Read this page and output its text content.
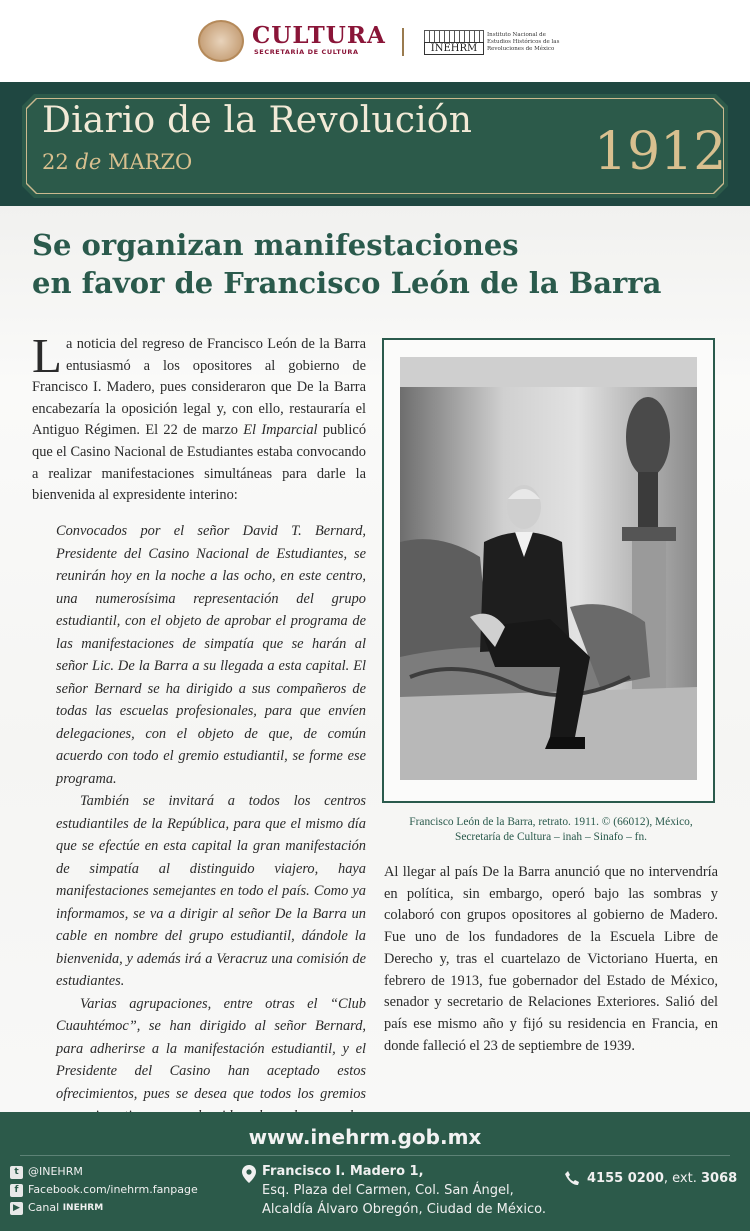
CULTURA
SECRETARÍA DE CULTURA	INEHRM
Instituto Nacional de
Estudios Históricos de las
Revoluciones de México
Diario de la Revolución
22 de MARZO	1912
Se organizan manifestaciones
en favor de Francisco León de la Barra
La noticia del regreso de Francisco León de la Barra entusiasmó a los opositores al gobierno de Francisco I. Madero, pues consideraron que De la Barra encabezaría la oposición legal y, con ello, restauraría el Antiguo Régimen. El 22 de marzo El Imparcial publicó que el Casino Nacional de Estudiantes estaba convocando a realizar manifestaciones simultáneas para darle la bienvenida al expresidente interino:

Convocados por el señor David T. Bernard, Presidente del Casino Nacional de Estudiantes, se reunirán hoy en la noche a las ocho, en este centro, una numerosísima representación del grupo estudiantil, con el objeto de aprobar el programa de las manifestaciones de simpatía que se harán al señor Lic. De la Barra a su llegada a esta capital. El señor Bernard se ha dirigido a sus compañeros de todas las escuelas profesionales, para que envíen delegaciones, con el objeto de que, de común acuerdo con todo el gremio estudiantil, se forme ese programa.

También se invitará a todos los centros estudiantiles de la República, para que el mismo día que se efectúe en esta capital la gran manifestación de simpatía al distinguido viajero, haya manifestaciones semejantes en todo el país. Como ya informamos, se va a dirigir al señor De la Barra un cable en nombre del grupo estudiantil, dándole la bienvenida, y además irá a Veracruz una comisión de estudiantes.

Varias agrupaciones, entre otras el “Club Cuauhtémoc”, se han dirigido al señor Bernard, para adherirse a la manifestación estudiantil, y el Presidente del Casino han aceptado estos ofrecimientos, pues se desea que todos los gremios

Francisco León de la Barra, retrato. 1911. © (66012), México,
Secretaría de Cultura – inah – Sinafo – fn.
Al llegar al país De la Barra anunció que no intervendría en política, sin embargo, operó bajo las sombras y colaboró con grupos opositores al gobierno de Madero. Fue uno de los fundadores de la Escuela Libre de Derecho y, tras el cuartelazo de Victoriano Huerta, en febrero de 1913, fue gobernador del Estado de México, senador y secretario de Relaciones Exteriores. Salió del país ese mismo año y fijó su residencia en Francia, en donde falleció el 23 de septiembre de 1939.
www.inehrm.gob.mx
t @INEHRM
f Facebook.com/inehrm.fanpage
▶ Canal
INEHRM
Francisco I. Madero 1,
Esq. Plaza del Carmen, Col. San Ángel,
Alcaldía Álvaro Obregón, Ciudad de México.
4155 0200, ext. 3068
